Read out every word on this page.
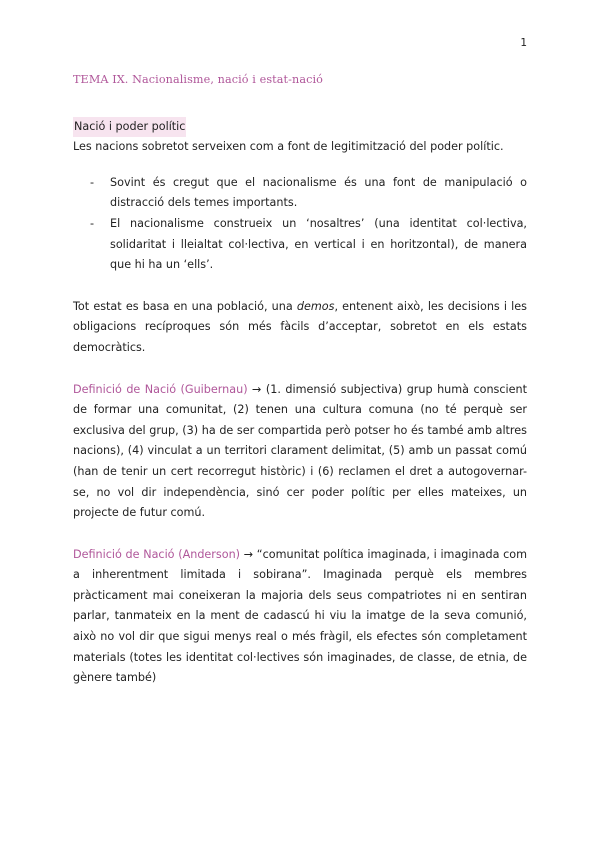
1
TEMA IX. Nacionalisme, nació i estat-nació
Nació i poder polític

Les nacions sobretot serveixen com a font de legitimització del poder polític.

- Sovint és cregut que el nacionalisme és una font de manipulació o distracció dels temes importants.
- El nacionalisme construeix un ‘nosaltres’ (una identitat col·lectiva, solidaritat i lleialtat col·lectiva, en vertical i en horitzontal), de manera que hi ha un ‘ells’.

Tot estat es basa en una població, una demos, entenent això, les decisions i les obligacions recíproques són més fàcils d’acceptar, sobretot en els estats democràtics.

Definició de Nació (Guibernau) → (1. dimensió subjectiva) grup humà conscient de formar una comunitat, (2) tenen una cultura comuna (no té perquè ser exclusiva del grup, (3) ha de ser compartida però potser ho és també amb altres nacions), (4) vinculat a un territori clarament delimitat, (5) amb un passat comú (han de tenir un cert recorregut històric) i (6) reclamen el dret a autogovernar-se, no vol dir independència, sinó cer poder polític per elles mateixes, un projecte de futur comú.

Definició de Nació (Anderson) → “comunitat política imaginada, i imaginada com a inherentment limitada i sobirana”. Imaginada perquè els membres pràcticament mai coneixeran la majoria dels seus compatriotes ni en sentiran parlar, tanmateix en la ment de cadascú hi viu la imatge de la seva comunió, això no vol dir que sigui menys real o més fràgil, els efectes són completament materials (totes les identitat col·lectives són imaginades, de classe, de etnia, de gènere també)
